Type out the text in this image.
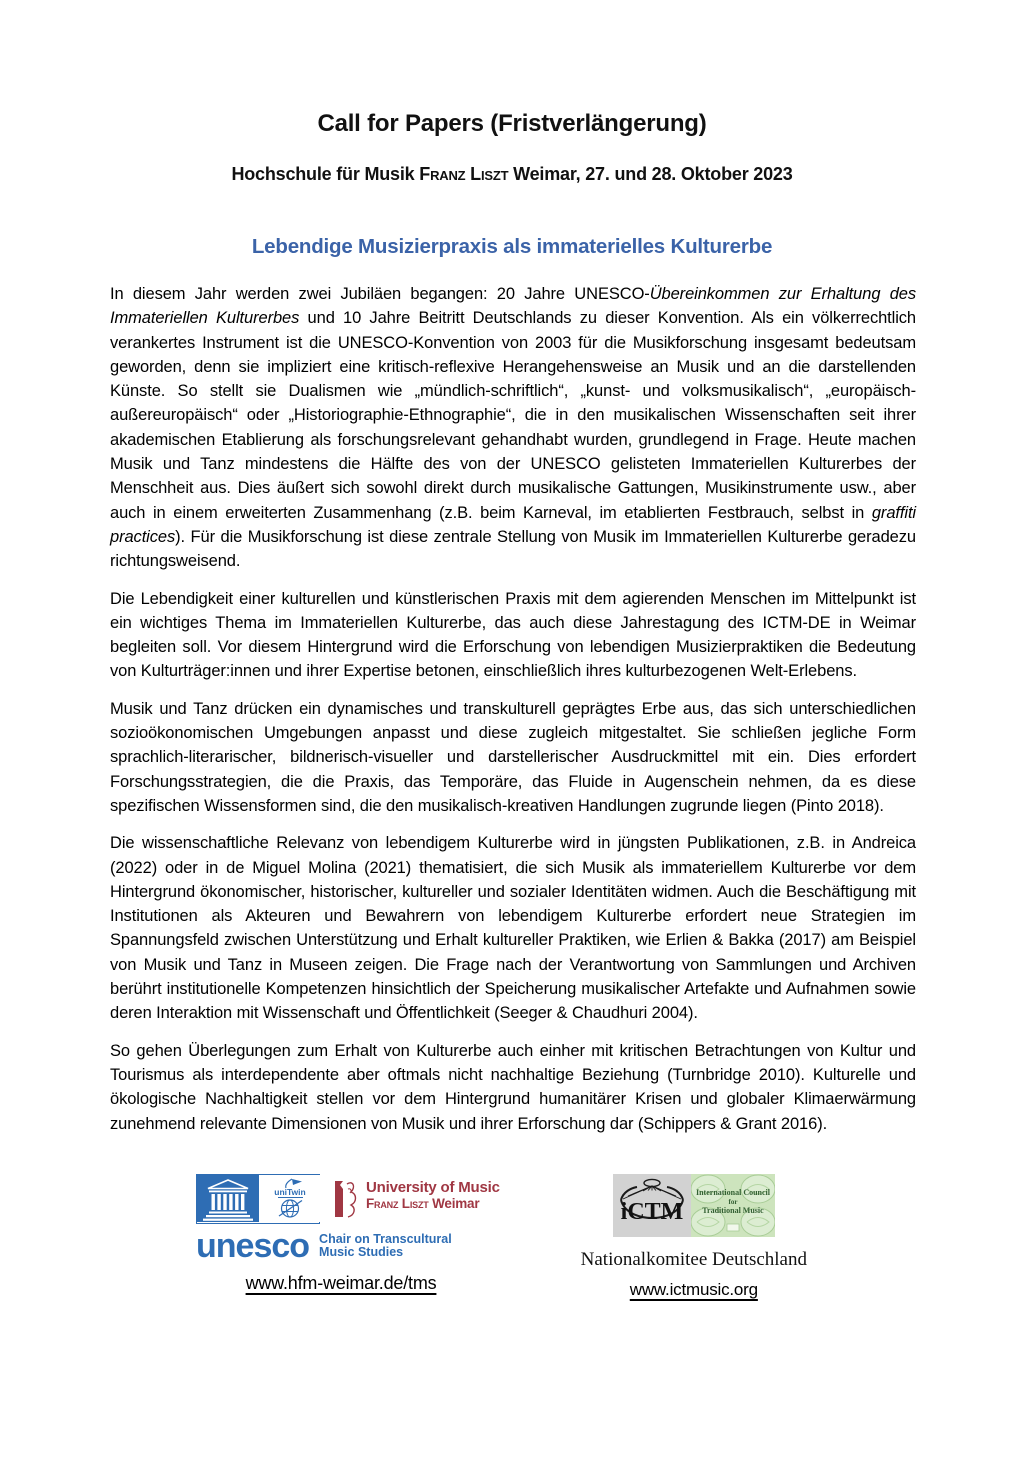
Call for Papers (Fristverlängerung)
Hochschule für Musik Franz Liszt Weimar, 27. und 28. Oktober 2023
Lebendige Musizierpraxis als immaterielles Kulturerbe

In diesem Jahr werden zwei Jubiläen begangen: 20 Jahre UNESCO-Übereinkommen zur Erhaltung des Immateriellen Kulturerbes und 10 Jahre Beitritt Deutschlands zu dieser Konvention. Als ein völkerrechtlich verankertes Instrument ist die UNESCO-Konvention von 2003 für die Musikforschung insgesamt bedeutsam geworden, denn sie impliziert eine kritisch-reflexive Herangehensweise an Musik und an die darstellenden Künste. So stellt sie Dualismen wie „mündlich-schriftlich“, „kunst- und volksmusikalisch“, „europäisch-außereuropäisch“ oder „Historiographie-Ethnographie“, die in den musikalischen Wissenschaften seit ihrer akademischen Etablierung als forschungsrelevant gehandhabt wurden, grundlegend in Frage. Heute machen Musik und Tanz mindestens die Hälfte des von der UNESCO gelisteten Immateriellen Kulturerbes der Menschheit aus. Dies äußert sich sowohl direkt durch musikalische Gattungen, Musikinstrumente usw., aber auch in einem erweiterten Zusammenhang (z.B. beim Karneval, im etablierten Festbrauch, selbst in graffiti practices). Für die Musikforschung ist diese zentrale Stellung von Musik im Immateriellen Kulturerbe geradezu richtungsweisend.

Die Lebendigkeit einer kulturellen und künstlerischen Praxis mit dem agierenden Menschen im Mittelpunkt ist ein wichtiges Thema im Immateriellen Kulturerbe, das auch diese Jahrestagung des ICTM-DE in Weimar begleiten soll. Vor diesem Hintergrund wird die Erforschung von lebendigen Musizierpraktiken die Bedeutung von Kulturträger:innen und ihrer Expertise betonen, einschließlich ihres kulturbezogenen Welt-Erlebens.

Musik und Tanz drücken ein dynamisches und transkulturell geprägtes Erbe aus, das sich unterschiedlichen sozioökonomischen Umgebungen anpasst und diese zugleich mitgestaltet. Sie schließen jegliche Form sprachlich-literarischer, bildnerisch-visueller und darstellerischer Ausdruckmittel mit ein. Dies erfordert Forschungsstrategien, die die Praxis, das Temporäre, das Fluide in Augenschein nehmen, da es diese spezifischen Wissensformen sind, die den musikalisch-kreativen Handlungen zugrunde liegen (Pinto 2018).

Die wissenschaftliche Relevanz von lebendigem Kulturerbe wird in jüngsten Publikationen, z.B. in Andreica (2022) oder in de Miguel Molina (2021) thematisiert, die sich Musik als immateriellem Kulturerbe vor dem Hintergrund ökonomischer, historischer, kultureller und sozialer Identitäten widmen. Auch die Beschäftigung mit Institutionen als Akteuren und Bewahrern von lebendigem Kulturerbe erfordert neue Strategien im Spannungsfeld zwischen Unterstützung und Erhalt kultureller Praktiken, wie Erlien & Bakka (2017) am Beispiel von Musik und Tanz in Museen zeigen. Die Frage nach der Verantwortung von Sammlungen und Archiven berührt institutionelle Kompetenzen hinsichtlich der Speicherung musikalischer Artefakte und Aufnahmen sowie deren Interaktion mit Wissenschaft und Öffentlichkeit (Seeger & Chaudhuri 2004).

So gehen Überlegungen zum Erhalt von Kulturerbe auch einher mit kritischen Betrachtungen von Kultur und Tourismus als interdependente aber oftmals nicht nachhaltige Beziehung (Turnbridge 2010). Kulturelle und ökologische Nachhaltigkeit stellen vor dem Hintergrund humanitärer Krisen und globaler Klimaerwärmung zunehmend relevante Dimensionen von Musik und ihrer Erforschung dar (Schippers & Grant 2016).

uniTwin	University of Music
Franz Liszt Weimar
unesco Chair on Transcultural
Music Studies
www.hfm-weimar.de/tms
iCTM
International Council
for
Traditional Music
Nationalkomitee Deutschland
www.ictmusic.org
